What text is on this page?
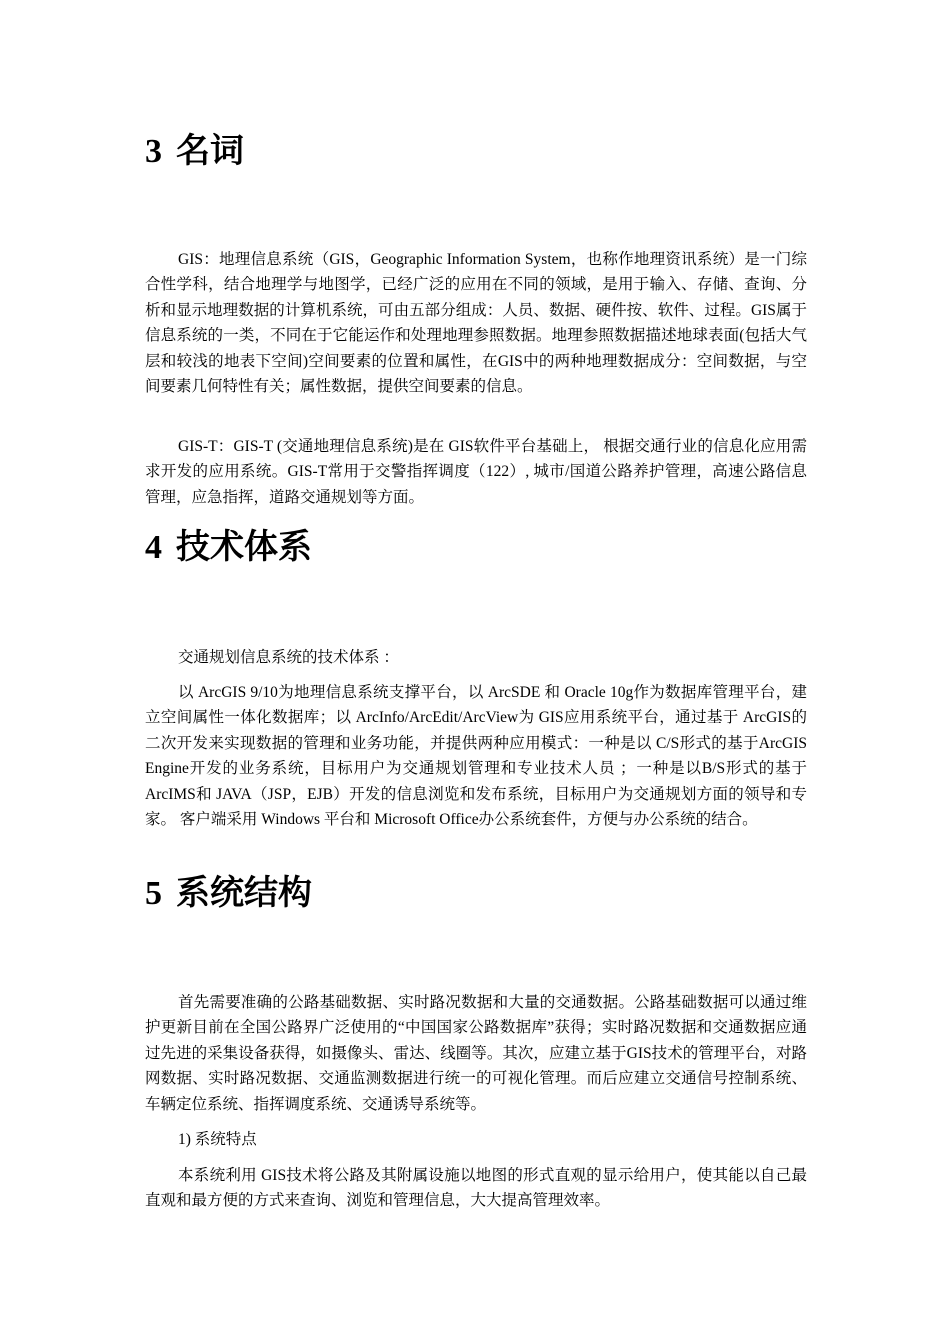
3 名词

GIS：地理信息系统（GIS，Geographic Information System，也称作地理资讯系统）是一门综合性学科，结合地理学与地图学，已经广泛的应用在不同的领域，是用于输入、存储、查询、分析和显示地理数据的计算机系统，可由五部分组成：人员、数据、硬件按、软件、过程。GIS属于信息系统的一类，不同在于它能运作和处理地理参照数据。地理参照数据描述地球表面(包括大气层和较浅的地表下空间)空间要素的位置和属性，在GIS中的两种地理数据成分：空间数据，与空间要素几何特性有关；属性数据，提供空间要素的信息。

GIS-T：GIS-T (交通地理信息系统)是在 GIS软件平台基础上， 根据交通行业的信息化应用需求开发的应用系统。GIS-T常用于交警指挥调度（122）, 城市/国道公路养护管理，高速公路信息管理，应急指挥，道路交通规划等方面。

4 技术体系

交通规划信息系统的技术体系 ：

以 ArcGIS 9/10为地理信息系统支撑平台，以 ArcSDE 和 Oracle 10g作为数据库管理平台，建立空间属性一体化数据库；以 ArcInfo/ArcEdit/ArcView为 GIS应用系统平台，通过基于 ArcGIS的二次开发来实现数据的管理和业务功能，并提供两种应用模式：一种是以 C/S形式的基于ArcGIS Engine开发的业务系统，目标用户为交通规划管理和专业技术人员 ；一种是以B/S形式的基于 ArcIMS和 JAVA（JSP，EJB）开发的信息浏览和发布系统，目标用户为交通规划方面的领导和专家。 客户端采用 Windows 平台和 Microsoft Office办公系统套件，方便与办公系统的结合。

5 系统结构

首先需要准确的公路基础数据、实时路况数据和大量的交通数据。公路基础数据可以通过维护更新目前在全国公路界广泛使用的“中国国家公路数据库”获得；实时路况数据和交通数据应通过先进的采集设备获得，如摄像头、雷达、线圈等。其次，应建立基于GIS技术的管理平台，对路网数据、实时路况数据、交通监测数据进行统一的可视化管理。而后应建立交通信号控制系统、车辆定位系统、指挥调度系统、交通诱导系统等。

1) 系统特点

本系统利用 GIS技术将公路及其附属设施以地图的形式直观的显示给用户，使其能以自己最直观和最方便的方式来查询、浏览和管理信息，大大提高管理效率。
